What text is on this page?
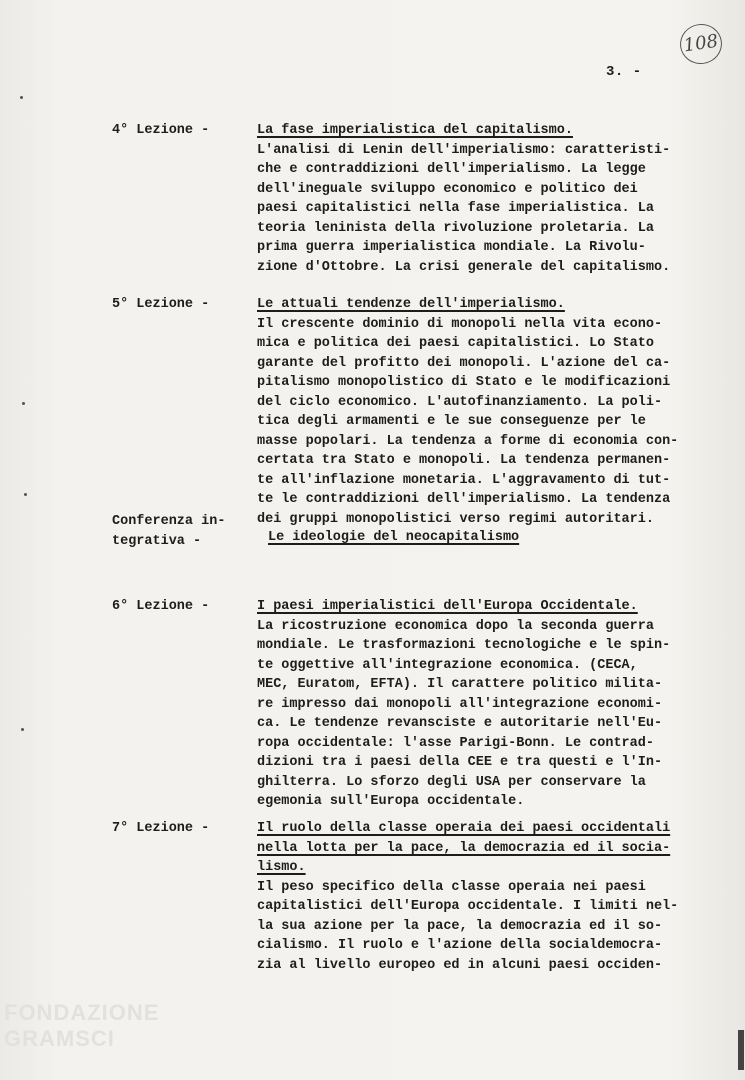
108
3. -
4° Lezione -	La fase imperialistica del capitalismo.
L'analisi di Lenin dell'imperialismo: caratteristi-
che e contraddizioni dell'imperialismo. La legge
dell'ineguale sviluppo economico e politico dei
paesi capitalistici nella fase imperialistica. La
teoria leninista della rivoluzione proletaria. La
prima guerra imperialistica mondiale. La Rivolu-
zione d'Ottobre. La crisi generale del capitalismo.
5° Lezione -	Le attuali tendenze dell'imperialismo.
Il crescente dominio di monopoli nella vita econo-
mica e politica dei paesi capitalistici. Lo Stato
garante del profitto dei monopoli. L'azione del ca-
pitalismo monopolistico di Stato e le modificazioni
del ciclo economico. L'autofinanziamento. La poli-
tica degli armamenti e le sue conseguenze per le
masse popolari. La tendenza a forme di economia con-
certata tra Stato e monopoli. La tendenza permanen-
te all'inflazione monetaria. L'aggravamento di tut-
te le contraddizioni dell'imperialismo. La tendenza
dei gruppi monopolistici verso regimi autoritari.
Conferenza in-
tegrativa -	Le ideologie del neocapitalismo
6° Lezione -	I paesi imperialistici dell'Europa Occidentale.
La ricostruzione economica dopo la seconda guerra
mondiale. Le trasformazioni tecnologiche e le spin-
te oggettive all'integrazione economica. (CECA,
MEC, Euratom, EFTA). Il carattere politico milita-
re impresso dai monopoli all'integrazione economi-
ca. Le tendenze revansciste e autoritarie nell'Eu-
ropa occidentale: l'asse Parigi-Bonn. Le contrad-
dizioni tra i paesi della CEE e tra questi e l'In-
ghilterra. Lo sforzo degli USA per conservare la
egemonia sull'Europa occidentale.
7° Lezione -	Il ruolo della classe operaia dei paesi occidentali
nella lotta per la pace, la democrazia ed il socia-
lismo.
Il peso specifico della classe operaia nei paesi
capitalistici dell'Europa occidentale. I limiti nel-
la sua azione per la pace, la democrazia ed il so-
cialismo. Il ruolo e l'azione della socialdemocra-
zia al livello europeo ed in alcuni paesi occiden-
FONDAZIONE
GRAMSCI
